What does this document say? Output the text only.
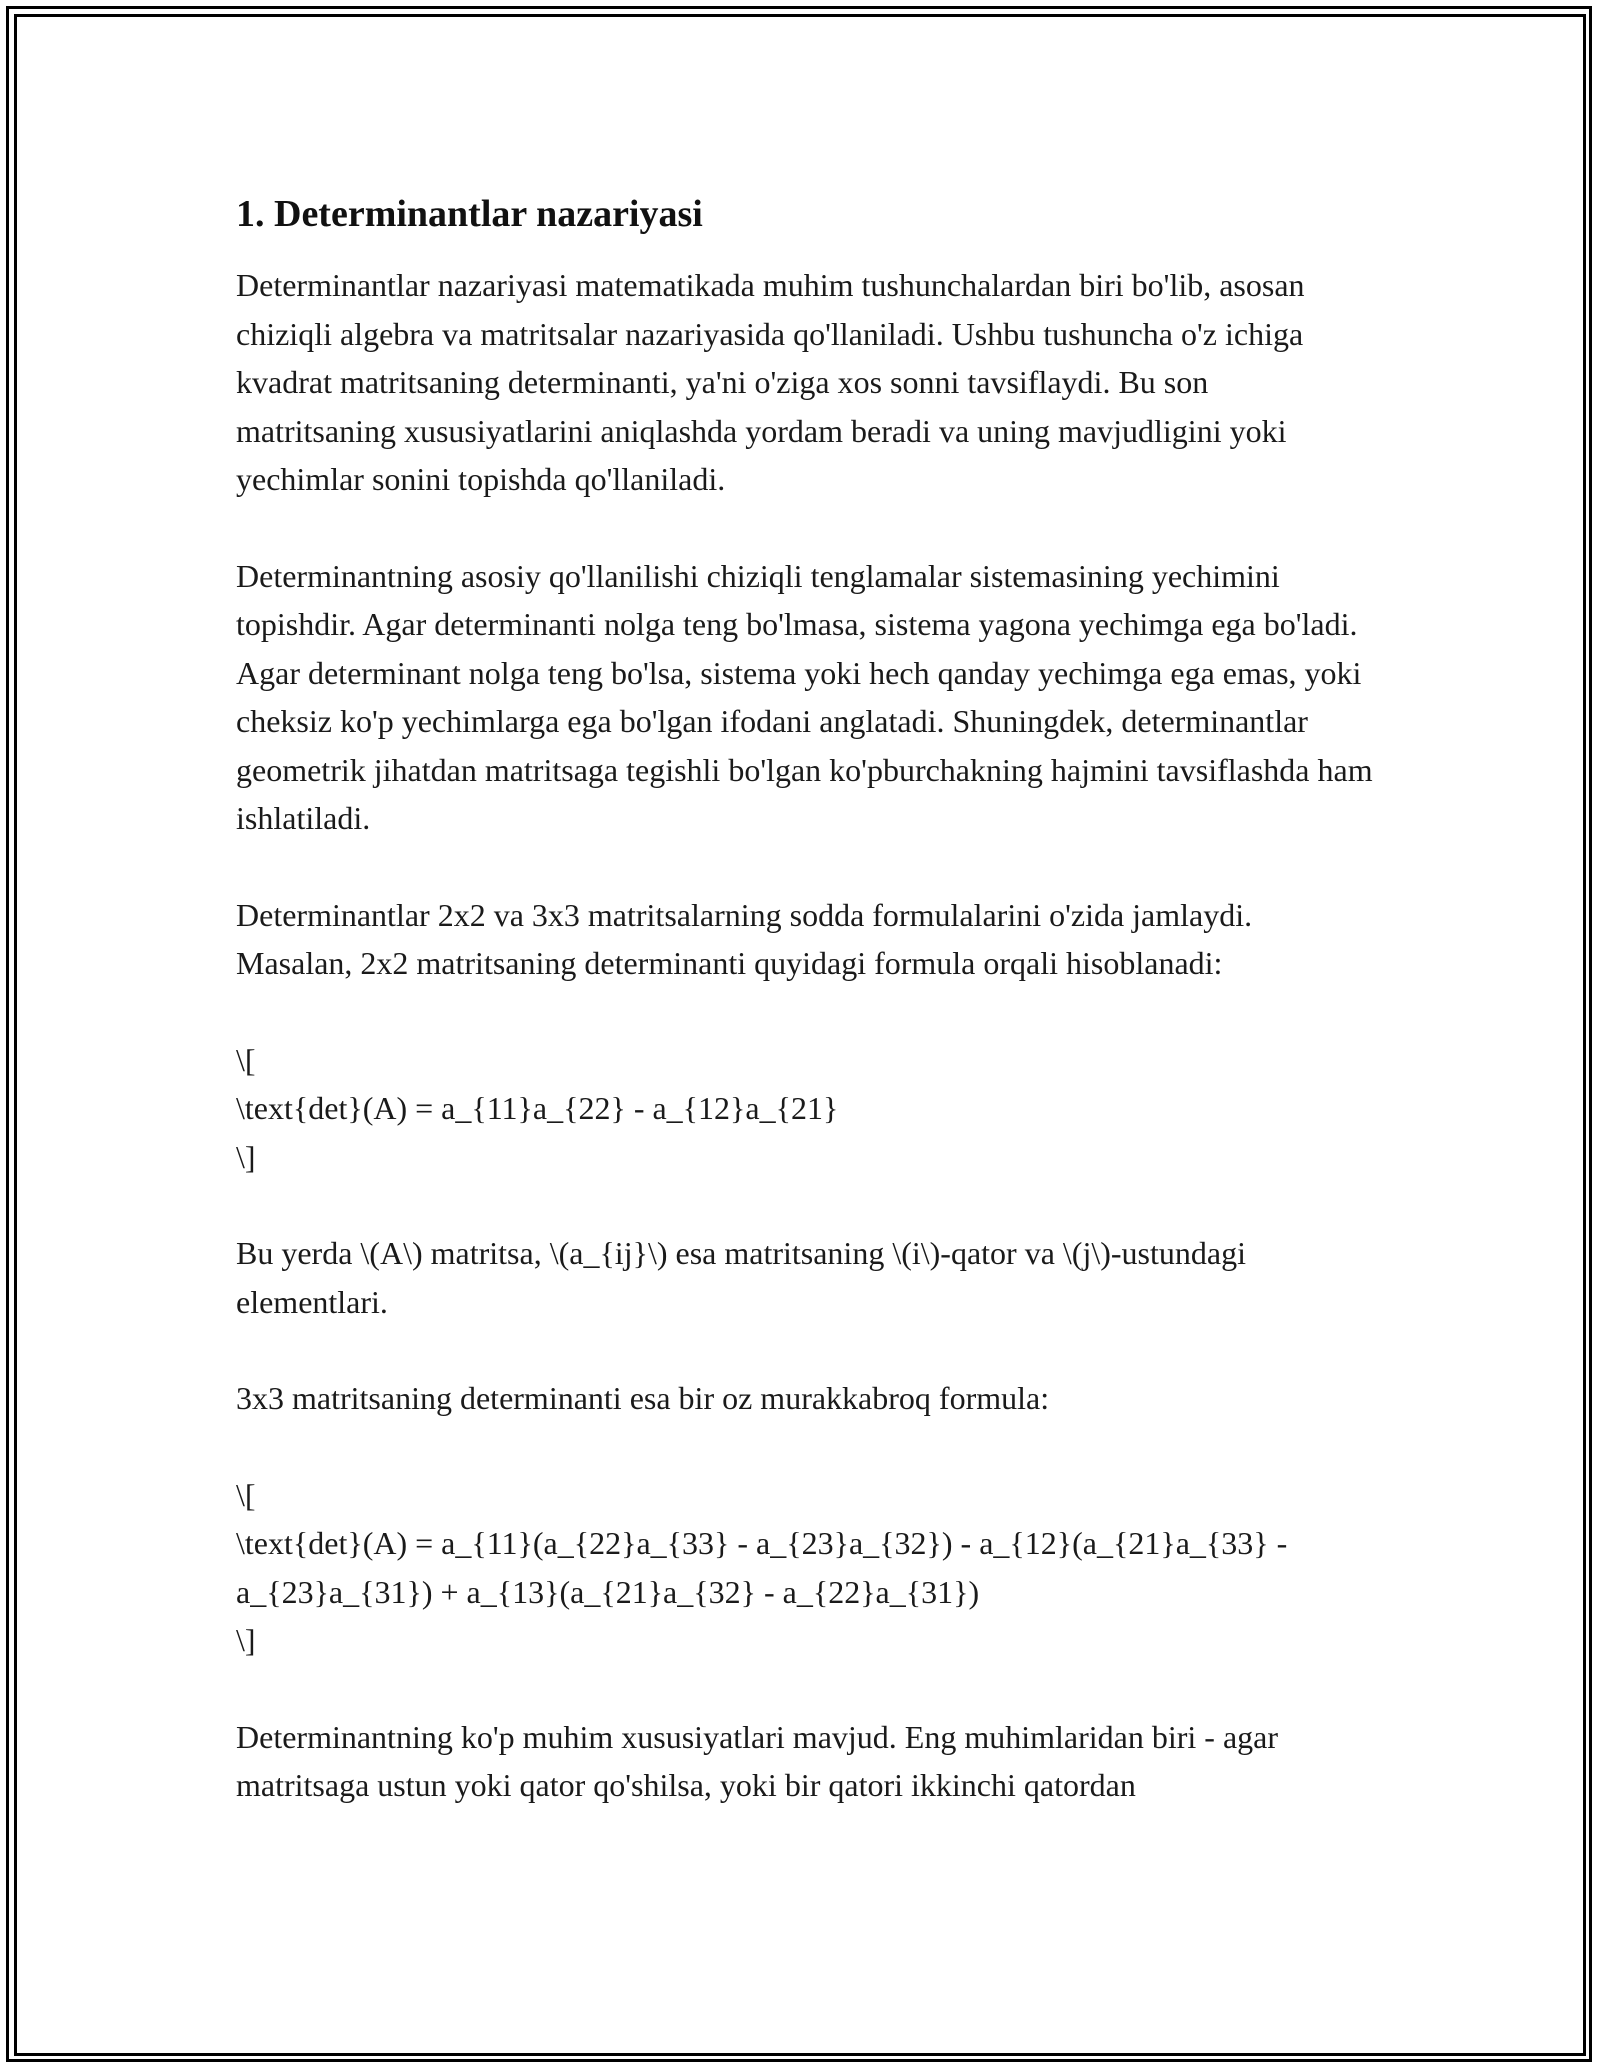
1. Determinantlar nazariyasi

Determinantlar nazariyasi matematikada muhim tushunchalardan biri bo'lib, asosan chiziqli algebra va matritsalar nazariyasida qo'llaniladi. Ushbu tushuncha o'z ichiga kvadrat matritsaning determinanti, ya'ni o'ziga xos sonni tavsiflaydi. Bu son matritsaning xususiyatlarini aniqlashda yordam beradi va uning mavjudligini yoki yechimlar sonini topishda qo'llaniladi.

Determinantning asosiy qo'llanilishi chiziqli tenglamalar sistemasining yechimini topishdir. Agar determinanti nolga teng bo'lmasa, sistema yagona yechimga ega bo'ladi. Agar determinant nolga teng bo'lsa, sistema yoki hech qanday yechimga ega emas, yoki cheksiz ko'p yechimlarga ega bo'lgan ifodani anglatadi. Shuningdek, determinantlar geometrik jihatdan matritsaga tegishli bo'lgan ko'pburchakning hajmini tavsiflashda ham ishlatiladi.

Determinantlar 2x2 va 3x3 matritsalarning sodda formulalarini o'zida jamlaydi. Masalan, 2x2 matritsaning determinanti quyidagi formula orqali hisoblanadi:

\[
\text{det}(A) = a_{11}a_{22} - a_{12}a_{21}
\]

Bu yerda \(A\) matritsa, \(a_{ij}\) esa matritsaning \(i\)-qator va \(j\)-ustundagi elementlari.

3x3 matritsaning determinanti esa bir oz murakkabroq formula:

\[
\text{det}(A) = a_{11}(a_{22}a_{33} - a_{23}a_{32}) - a_{12}(a_{21}a_{33} - a_{23}a_{31}) + a_{13}(a_{21}a_{32} - a_{22}a_{31})
\]

Determinantning ko'p muhim xususiyatlari mavjud. Eng muhimlaridan biri - agar matritsaga ustun yoki qator qo'shilsa, yoki bir qatori ikkinchi qatordan
